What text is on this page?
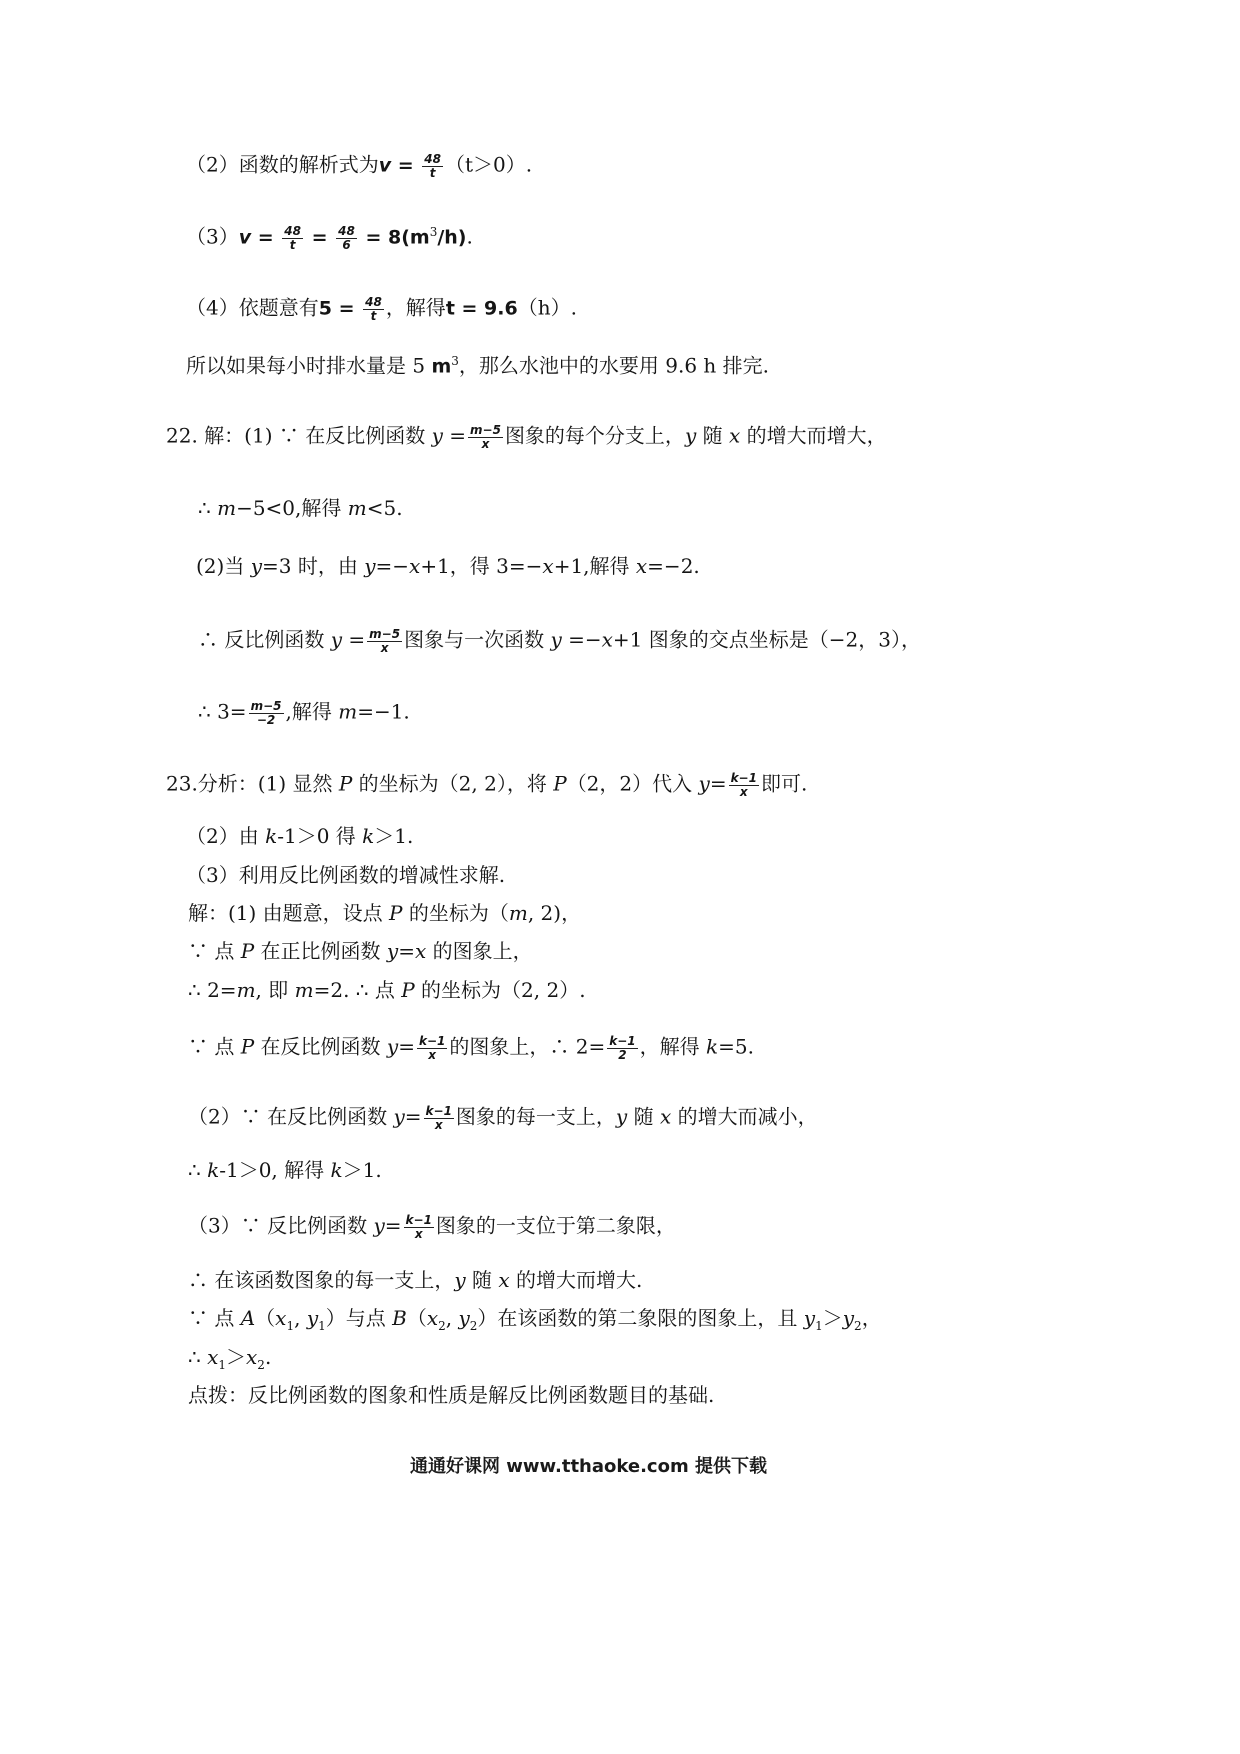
（2）函数的解析式为$v = \frac{48}{t} (t>0)$.
$(3)v = \frac{48}{t} = \frac{48}{6} = 8(m^3/h)$.
（4）依题意有$5 = \frac{48}{t}$ ，解得t = 9.6（h）.
所以如果每小时排水量是 5 $m^3$，那么水池中的水要用 9.6 h 排完.
22. 解：(1) ∵ 在反比例函数 $y = \frac{m-5}{x}$ 图象的每个分支上，y 随 x 的增大而增大，
∴ m−5<0,解得 m<5.
(2)当 y=3 时，由 y=−x+1，得 3=−x+1,解得 x=−2.
∴ 反比例函数 $y = \frac{m-5}{x}$ 图象与一次函数 y =−x+1 图象的交点坐标是（−2，3），
∴ $3= \frac{m-5}{-2}$ ,解得 m=−1.
23.分析：(1) 显然 P 的坐标为（2, 2），将 P（2，2）代入 $y= \frac{k-1}{x}$ 即可.
（2）由 k-1＞0 得 k＞1.
（3）利用反比例函数的增减性求解.
解：(1) 由题意，设点 P 的坐标为（m, 2)，
∵ 点 P 在正比例函数 y=x 的图象上，
∴ 2=m, 即 m=2. ∴ 点 P 的坐标为（2, 2）.
∵ 点 P 在反比例函数 $y= \frac{k-1}{x}$ 的图象上，∴ $2= \frac{k-1}{2}$ ，解得 k=5.
（2）∵ 在反比例函数 $y= \frac{k-1}{x}$ 图象的每一支上，y 随 x 的增大而减小，
∴ k-1＞0, 解得 k＞1.
（3）∵ 反比例函数 $y= \frac{k-1}{x}$ 图象的一支位于第二象限，
∴ 在该函数图象的每一支上，y 随 x 的增大而增大.
∵ 点 $A(x_1$, $y_1$）与点 $B(x_2$, $y_2$）在该函数的第二象限的图象上，且 $y_1>y_2$，
∴ $x_1>x_2$.
点拨：反比例函数的图象和性质是解反比例函数题目的基础.
通通好课网 www.tthaoke.com 提供下载
